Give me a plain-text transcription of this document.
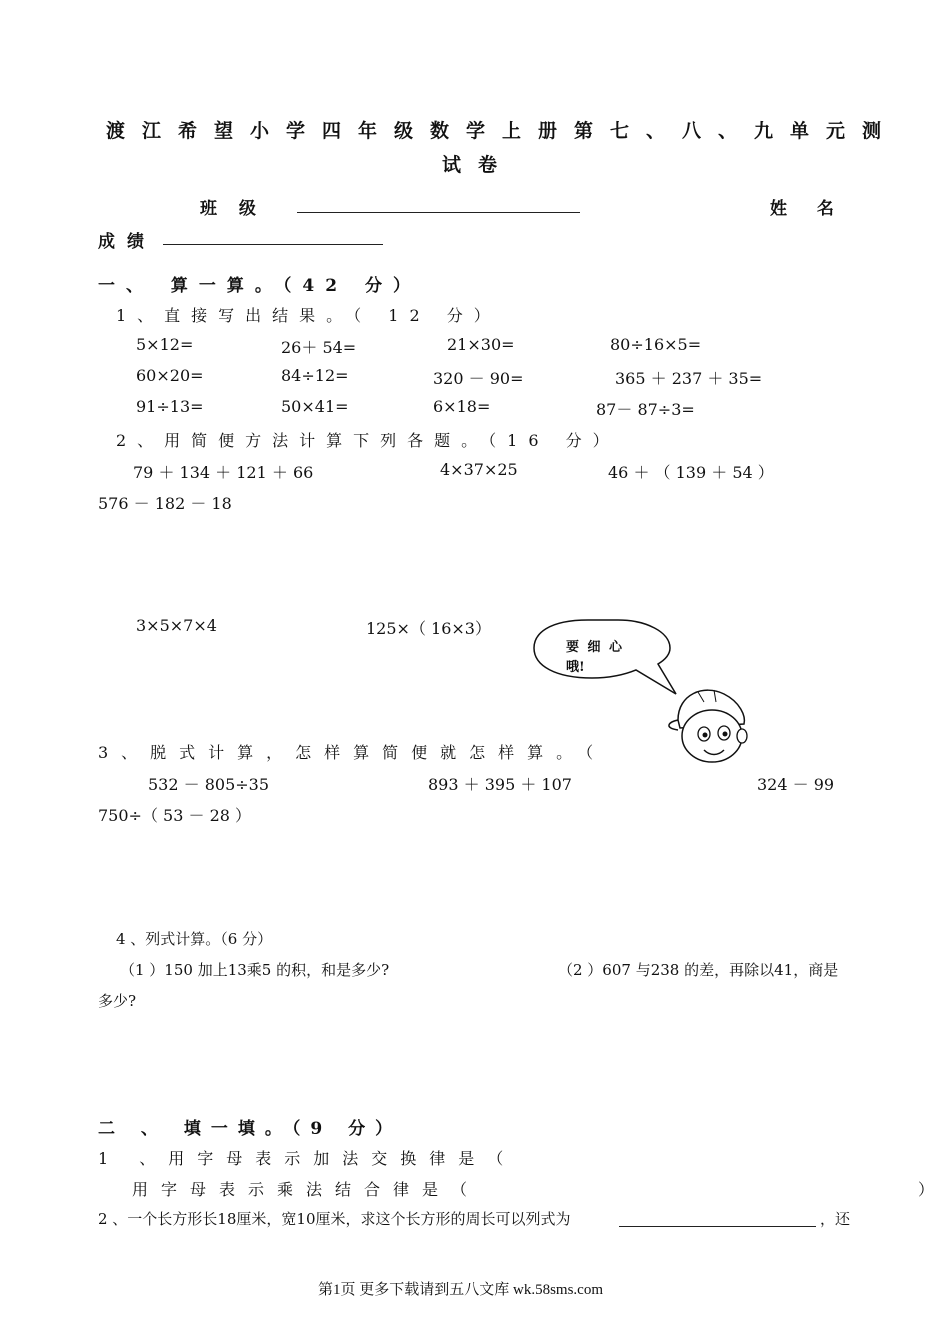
渡江希望小学四年级数学上册第七、八、九单元测
试卷
班 级	姓 名
成绩
一、 算一算。（42 分）
1、直接写出结果。（ 12 分）
5×12=	26＋ 54=	21×30=	80÷16×5=
60×20=	84÷12=	320 － 90=	365 ＋ 237 ＋ 35=
91÷13=	50×41=	6×18=	87－ 87÷3=
2、用简便方法计算下列各题。（16 分）
79 ＋ 134 ＋ 121 ＋ 66	4×37×25	46 ＋ （ 139 ＋ 54 ）
576 － 182 － 18
3×5×7×4	125×（ 16×3）
要 细 心
哦!
3、脱式计算，怎样算简便就怎样算。（
532 － 805÷35	893 ＋ 395 ＋ 107	324 － 99
750÷（ 53 － 28 ）
4 、列式计算。（6 分）
（1 ）150 加上13乘5 的积，和是多少?	（2 ）607 与238 的差，再除以41，商是
多少?
二 、 填一填。（9 分）
1 、用字母表示加法交换律是（
用字母表示乘法结合律是（	）
2 、一个长方形长18厘米，宽10厘米，求这个长方形的周长可以列式为	，还
第1页 更多下载请到五八文库 wk.58sms.com
